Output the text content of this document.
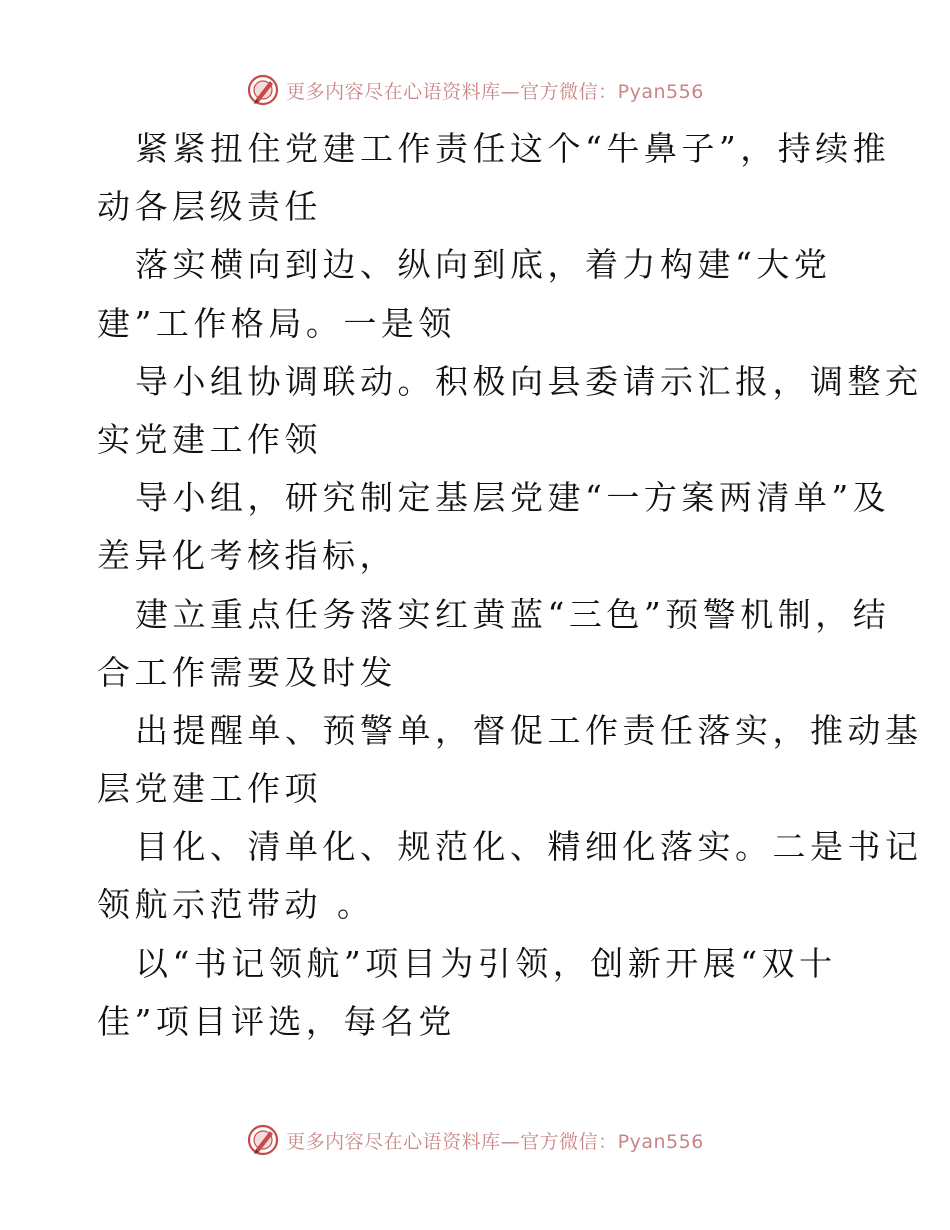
更多内容尽在心语资料库—官方微信：Pyan556
紧紧扭住党建工作责任这个“牛鼻子”，持续推
动各层级责任
落实横向到边、纵向到底，着力构建“大党
建”工作格局。一是领
导小组协调联动。积极向县委请示汇报，调整充
实党建工作领
导小组，研究制定基层党建“一方案两清单”及
差异化考核指标，
建立重点任务落实红黄蓝“三色”预警机制，结
合工作需要及时发
出提醒单、预警单，督促工作责任落实，推动基
层党建工作项
目化、清单化、规范化、精细化落实。二是书记
领航示范带动 。
以“书记领航”项目为引领，创新开展“双十
佳”项目评选，每名党
更多内容尽在心语资料库—官方微信：Pyan556
